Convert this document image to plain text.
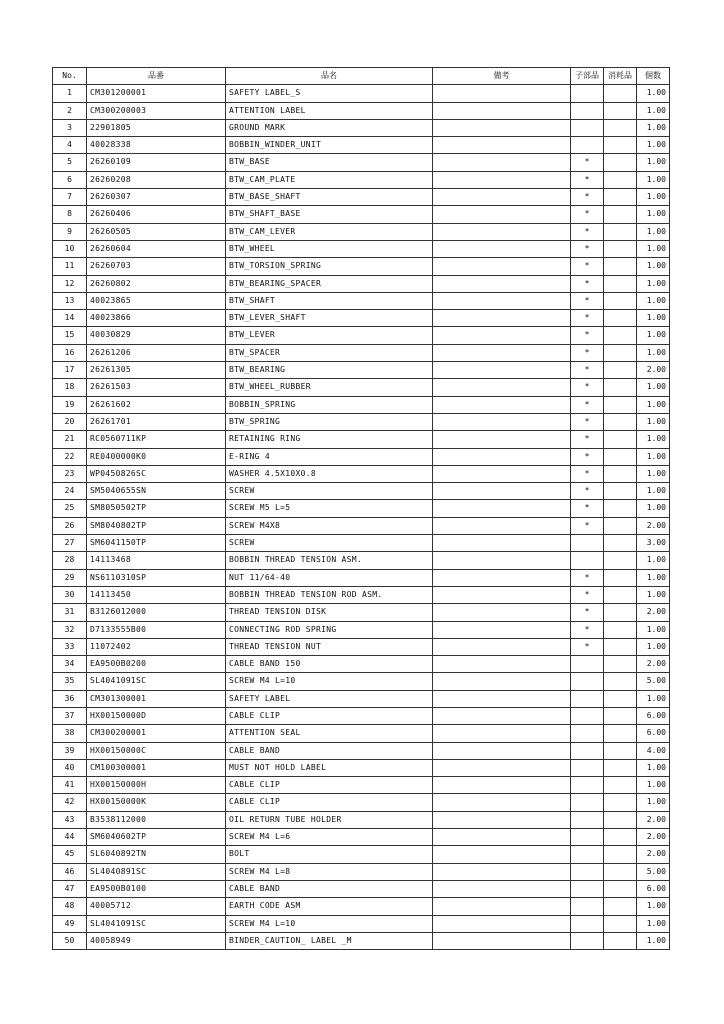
No.	品番	品名	備考	子部品	消耗品	個数
1	CM301200001	SAFETY LABEL_S				1.00
2	CM300200003	ATTENTION LABEL				1.00
3	22901805	GROUND MARK				1.00
4	40028338	BOBBIN_WINDER_UNIT				1.00
5	26260109	BTW_BASE		*		1.00
6	26260208	BTW_CAM_PLATE		*		1.00
7	26260307	BTW_BASE_SHAFT		*		1.00
8	26260406	BTW_SHAFT_BASE		*		1.00
9	26260505	BTW_CAM_LEVER		*		1.00
10	26260604	BTW_WHEEL		*		1.00
11	26260703	BTW_TORSION_SPRING		*		1.00
12	26260802	BTW_BEARING_SPACER		*		1.00
13	40023865	BTW_SHAFT		*		1.00
14	40023866	BTW_LEVER_SHAFT		*		1.00
15	40030829	BTW_LEVER		*		1.00
16	26261206	BTW_SPACER		*		1.00
17	26261305	BTW_BEARING		*		2.00
18	26261503	BTW_WHEEL_RUBBER		*		1.00
19	26261602	BOBBIN_SPRING		*		1.00
20	26261701	BTW_SPRING		*		1.00
21	RC0560711KP	RETAINING RING		*		1.00
22	RE0400000K0	E-RING 4		*		1.00
23	WP0450826SC	WASHER 4.5X10X0.8		*		1.00
24	SM5040655SN	SCREW		*		1.00
25	SM8050502TP	SCREW M5 L=5		*		1.00
26	SM8040802TP	SCREW M4X8		*		2.00
27	SM6041150TP	SCREW				3.00
28	14113468	BOBBIN THREAD TENSION ASM.				1.00
29	NS6110310SP	NUT 11/64-40		*		1.00
30	14113450	BOBBIN THREAD TENSION ROD ASM.		*		1.00
31	B3126012000	THREAD TENSION DISK		*		2.00
32	D7133555B00	CONNECTING ROD SPRING		*		1.00
33	11072402	THREAD TENSION NUT		*		1.00
34	EA9500B0200	CABLE BAND 150				2.00
35	SL4041091SC	SCREW M4 L=10				5.00
36	CM301300001	SAFETY LABEL				1.00
37	HX00150000D	CABLE CLIP				6.00
38	CM300200001	ATTENTION SEAL				6.00
39	HX00150000C	CABLE BAND				4.00
40	CM100300001	MUST NOT HOLD LABEL				1.00
41	HX00150000H	CABLE CLIP				1.00
42	HX00150000K	CABLE CLIP				1.00
43	B3538112000	OIL RETURN TUBE HOLDER				2.00
44	SM6040602TP	SCREW M4 L=6				2.00
45	SL6040892TN	BOLT				2.00
46	SL4040891SC	SCREW M4 L=8				5.00
47	EA9500B0100	CABLE BAND				6.00
48	40005712	EARTH CODE ASM				1.00
49	SL4041091SC	SCREW M4 L=10				1.00
50	40058949	BINDER_CAUTION_ LABEL _M				1.00
